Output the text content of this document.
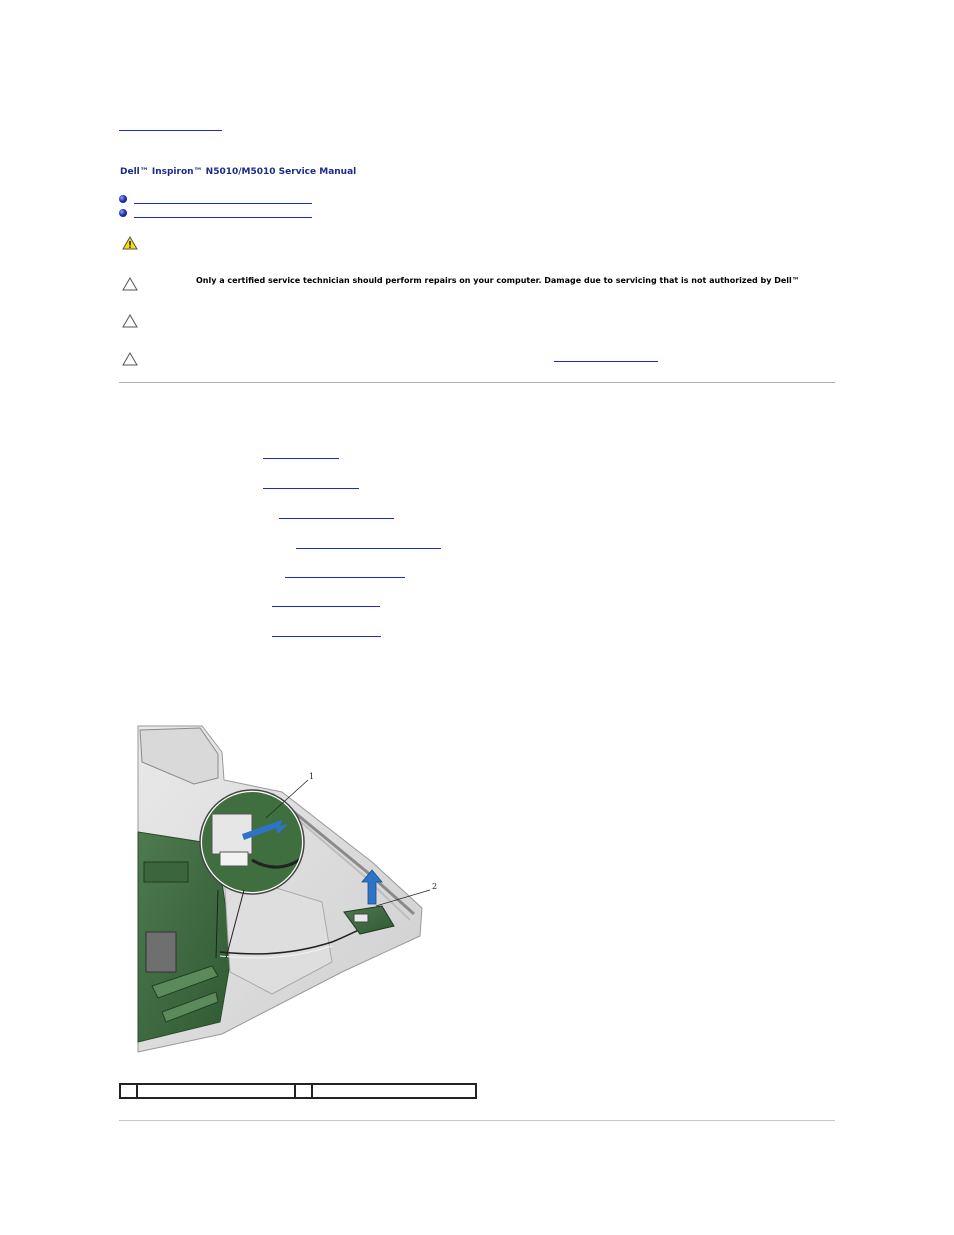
Dell™ Inspiron™ N5010/M5010 Service Manual
Only a certified service technician should perform repairs on your computer. Damage due to servicing that is not authorized by Dell™
1
2
